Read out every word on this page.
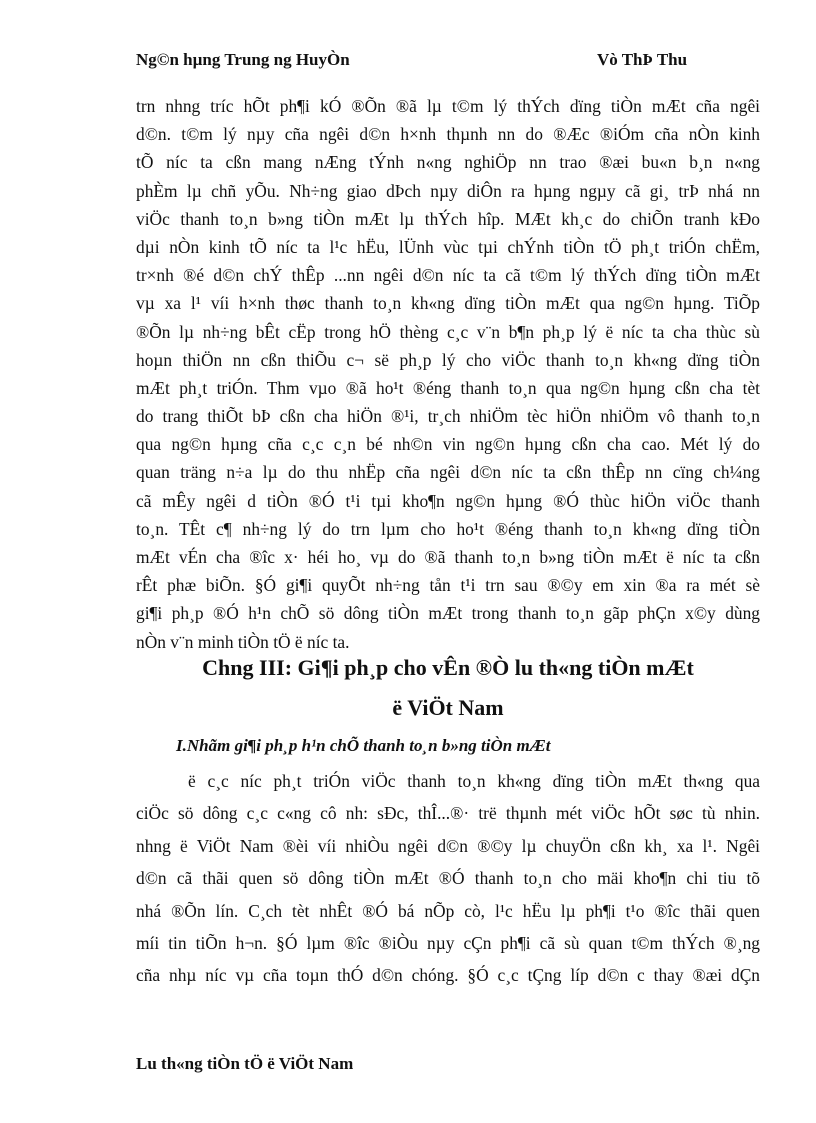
Ng©n hµng Trung ng HuyÒn	Vò ThÞ Thu
trn nhng tríc hÕt ph¶i kÓ ®Õn ®ã lµ t©m lý thÝch dïng tiÒn mÆt cña ngêi
d©n. t©m lý nµy cña ngêi d©n h×nh thµnh nn do ®Æc ®iÓm cña nÒn kinh
tÕ níc ta cßn mang nÆng tÝnh n«ng nghiÖp nn trao ®æi bu«n b¸n n«ng
phÈm lµ chñ yÕu. Nh÷ng giao dÞch nµy diÔn ra hµng ngµy cã gi¸ trÞ nhá nn
viÖc thanh to¸n b»ng tiÒn mÆt lµ thÝch hîp. MÆt kh¸c do chiÕn tranh kÐo
dµi nÒn kinh tÕ níc ta l¹c hËu, lÜnh vùc tµi chÝnh tiÒn tÖ ph¸t triÓn chËm,
tr×nh ®é d©n chÝ thÊp ...nn ngêi d©n níc ta cã t©m lý thÝch dïng tiÒn mÆt
vµ xa l¹ víi h×nh thøc thanh to¸n kh«ng dïng tiÒn mÆt qua ng©n hµng. TiÕp
®Õn lµ nh÷ng bÊt cËp trong hÖ thèng c¸c v¨n b¶n ph¸p lý ë níc ta cha thùc sù
hoµn thiÖn nn cßn thiÕu c¬ së ph¸p lý cho viÖc thanh to¸n kh«ng dïng tiÒn
mÆt ph¸t triÓn. Thm vµo ®ã ho¹t ®éng thanh to¸n qua ng©n hµng cßn cha tèt
do trang thiÕt bÞ cßn cha hiÖn ®¹i, tr¸ch nhiÖm tèc hiÖn nhiÖm vô thanh to¸n
qua ng©n hµng cña c¸c c¸n bé nh©n vin ng©n hµng cßn cha cao. Mét lý do
quan träng n÷a lµ do thu nhËp cña ngêi d©n níc ta cßn thÊp nn cïng ch¼ng
cã mÊy ngêi d tiÒn ®Ó t¹i tµi kho¶n ng©n hµng ®Ó thùc hiÖn viÖc thanh
to¸n. TÊt c¶ nh÷ng lý do trn lµm cho ho¹t ®éng thanh to¸n kh«ng dïng tiÒn
mÆt vÉn cha ®îc x· héi ho¸ vµ do ®ã thanh to¸n b»ng tiÒn mÆt ë níc ta cßn
rÊt phæ biÕn. §Ó gi¶i quyÕt nh÷ng tån t¹i trn sau ®©y em xin ®a ra mét sè
gi¶i ph¸p ®Ó h¹n chÕ sö dông tiÒn mÆt trong thanh to¸n gãp phÇn x©y dùng
nÒn v¨n minh tiÒn tÖ ë níc ta.
Chng III: Gi¶i ph¸p cho vÊn ®Ò lu th«ng tiÒn mÆt
ë ViÖt Nam
I.Nhãm gi¶i ph¸p h¹n chÕ thanh to¸n b»ng tiÒn mÆt
ë c¸c níc ph¸t triÓn viÖc thanh to¸n kh«ng dïng tiÒn mÆt th«ng qua
ciÖc sö dông c¸c c«ng cô nh: sÐc, thÎ...®· trë thµnh mét viÖc hÕt søc tù nhin.
nhng ë ViÖt Nam ®èi víi nhiÒu ngêi d©n ®©y lµ chuyÖn cßn kh¸ xa l¹. Ngêi
d©n cã thãi quen sö dông tiÒn mÆt ®Ó thanh to¸n cho mäi kho¶n chi tiu tõ
nhá ®Õn lín. C¸ch tèt nhÊt ®Ó bá nÕp cò, l¹c hËu lµ ph¶i t¹o ®îc thãi quen
míi tin tiÕn h¬n. §Ó lµm ®îc ®iÒu nµy cÇn ph¶i cã sù quan t©m thÝch ®¸ng
cña nhµ níc vµ cña toµn thÓ d©n chóng. §Ó c¸c tÇng líp d©n c thay ®æi dÇn
Lu th«ng tiÒn tÖ ë ViÖt Nam
